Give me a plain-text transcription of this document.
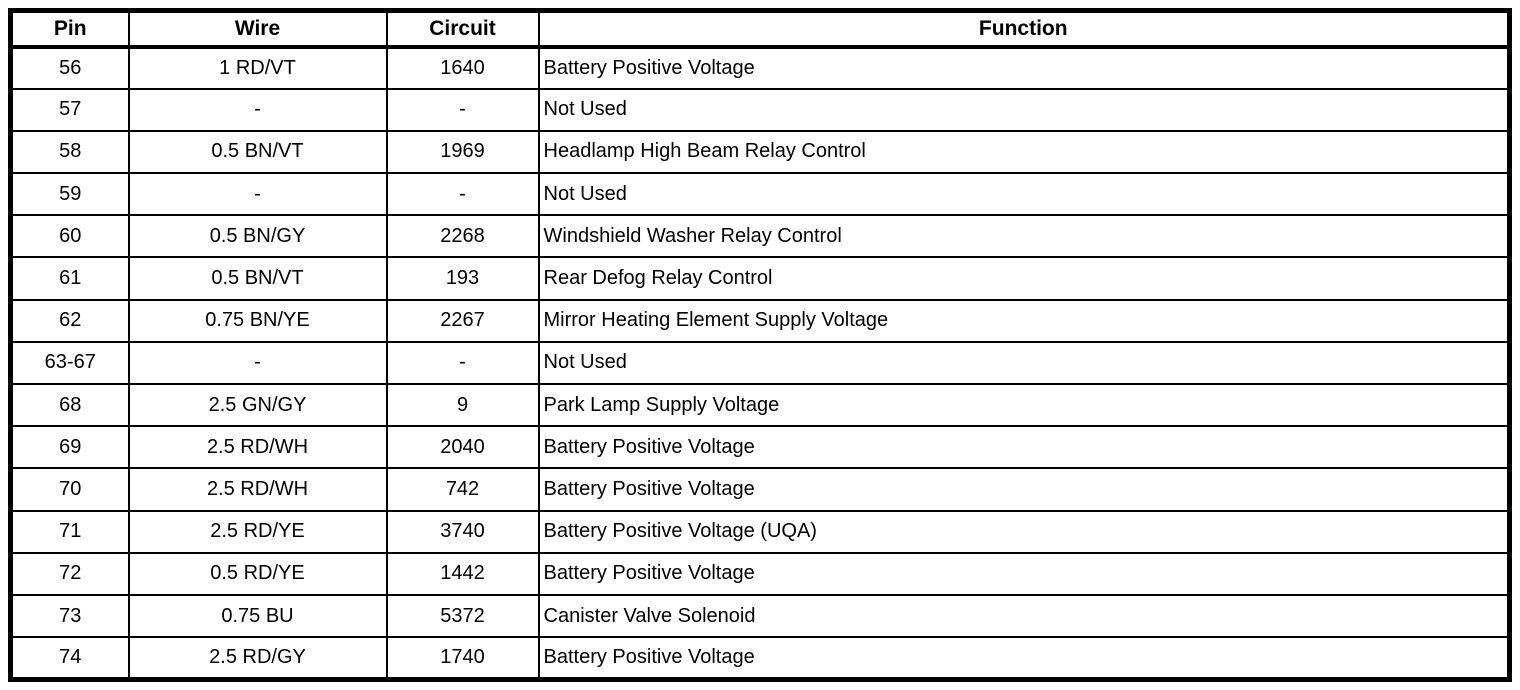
Pin	Wire	Circuit	Function
56	1 RD/VT	1640	Battery Positive Voltage
57	-	-	Not Used
58	0.5 BN/VT	1969	Headlamp High Beam Relay Control
59	-	-	Not Used
60	0.5 BN/GY	2268	Windshield Washer Relay Control
61	0.5 BN/VT	193	Rear Defog Relay Control
62	0.75 BN/YE	2267	Mirror Heating Element Supply Voltage
63-67	-	-	Not Used
68	2.5 GN/GY	9	Park Lamp Supply Voltage
69	2.5 RD/WH	2040	Battery Positive Voltage
70	2.5 RD/WH	742	Battery Positive Voltage
71	2.5 RD/YE	3740	Battery Positive Voltage (UQA)
72	0.5 RD/YE	1442	Battery Positive Voltage
73	0.75 BU	5372	Canister Valve Solenoid
74	2.5 RD/GY	1740	Battery Positive Voltage
